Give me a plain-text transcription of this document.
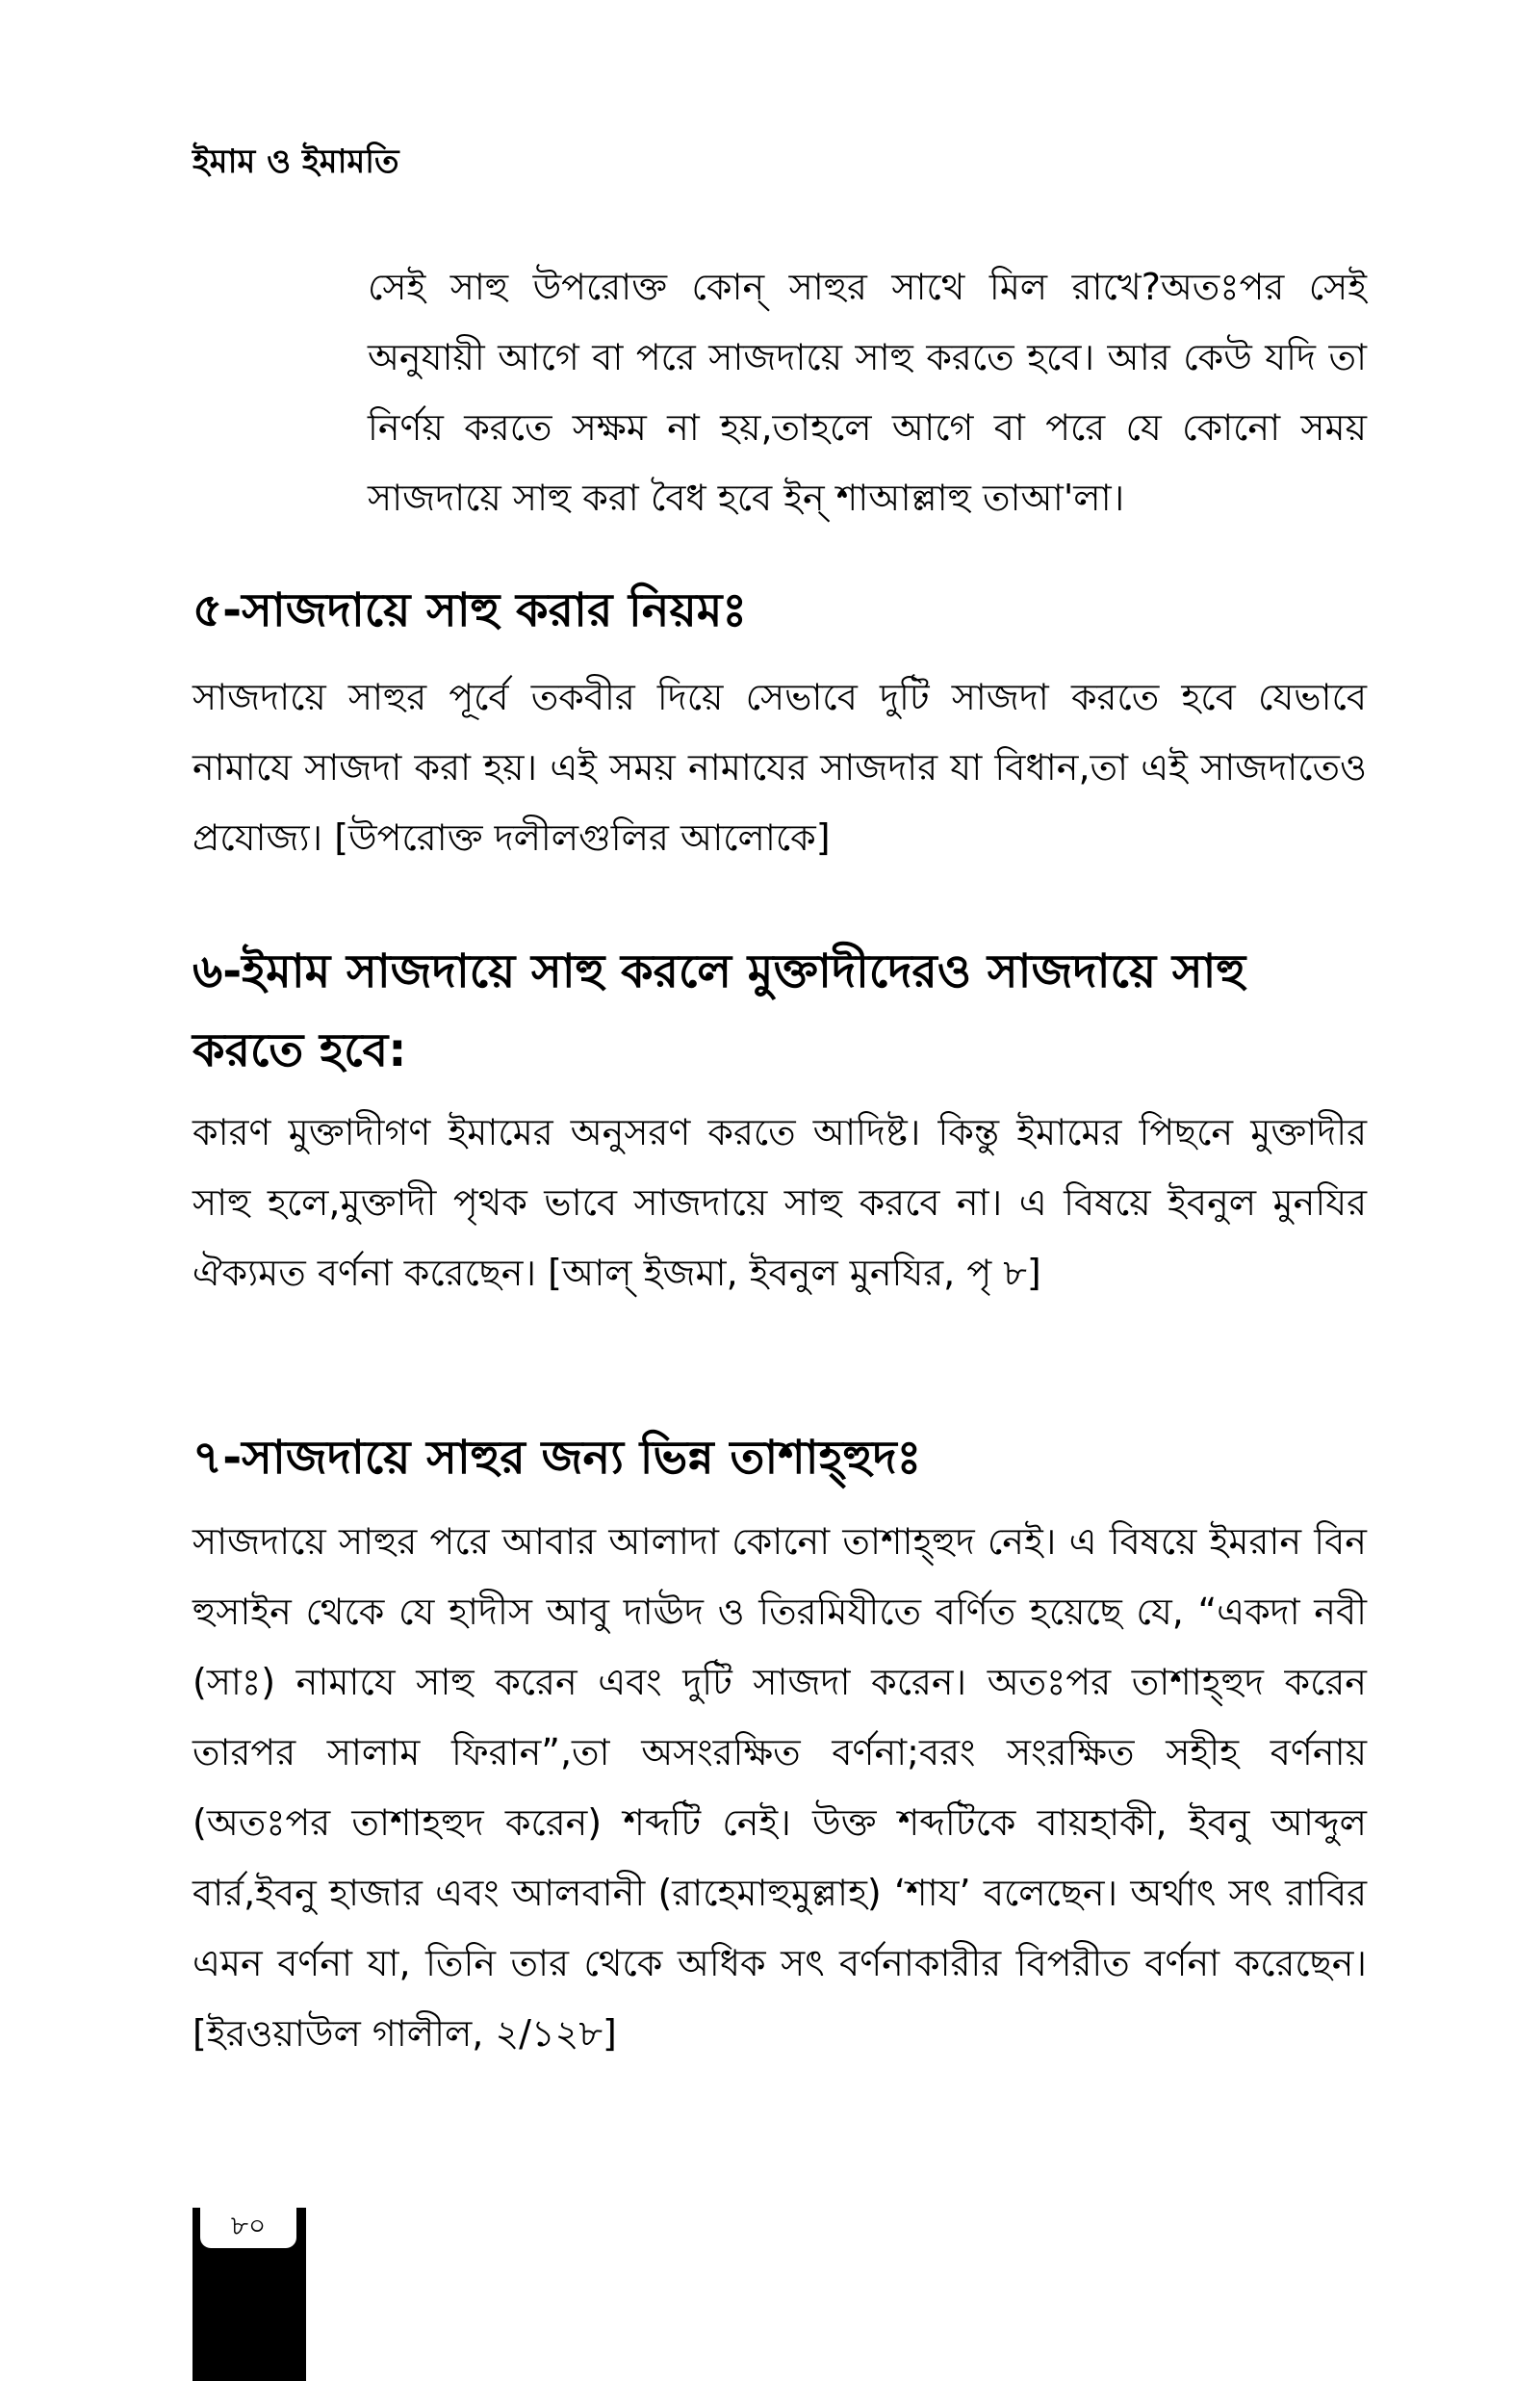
ইমাম ও ইমামতি

সেই সাহু উপরোক্ত কোন্ সাহুর সাথে মিল রাখে?অতঃপর সেই অনুযায়ী আগে বা পরে সাজদায়ে সাহু করতে হবে। আর কেউ যদি তা নির্ণয় করতে সক্ষম না হয়,তাহলে আগে বা পরে যে কোনো সময় সাজদায়ে সাহু করা বৈধ হবে ইন্ শাআল্লাহু তাআ'লা।

৫-সাজদায়ে সাহু করার নিয়মঃ

সাজদায়ে সাহুর পূর্বে তকবীর দিয়ে সেভাবে দুটি সাজদা করতে হবে যেভাবে নামাযে সাজদা করা হয়। এই সময় নামাযের সাজদার যা বিধান,তা এই সাজদাতেও প্রযোজ্য। [উপরোক্ত দলীলগুলির আলোকে]

৬-ইমাম সাজদায়ে সাহু করলে মুক্তাদীদেরও সাজদায়ে সাহু করতে হবে:

কারণ মুক্তাদীগণ ইমামের অনুসরণ করতে আদিষ্ট। কিন্তু ইমামের পিছনে মুক্তাদীর সাহু হলে,মুক্তাদী পৃথক ভাবে সাজদায়ে সাহু করবে না। এ বিষয়ে ইবনুল মুনযির ঐক্যমত বর্ণনা করেছেন। [আল্ ইজমা, ইবনুল মুনযির, পৃ ৮]

৭-সাজদায়ে সাহুর জন্য ভিন্ন তাশাহ্হুদঃ

সাজদায়ে সাহুর পরে আবার আলাদা কোনো তাশাহ্হুদ নেই। এ বিষয়ে ইমরান বিন হুসাইন থেকে যে হাদীস আবু দাঊদ ও তিরমিযীতে বর্ণিত হয়েছে যে, “একদা নবী (সাঃ) নামাযে সাহু করেন এবং দুটি সাজদা করেন। অতঃপর তাশাহ্হুদ করেন তারপর সালাম ফিরান”,তা অসংরক্ষিত বর্ণনা;বরং সংরক্ষিত সহীহ বর্ণনায় (অতঃপর তাশাহহুদ করেন) শব্দটি নেই। উক্ত শব্দটিকে বায়হাকী, ইবনু আব্দুল বার্র,ইবনু হাজার এবং আলবানী (রাহেমাহুমুল্লাহ) ‘শায’ বলেছেন। অর্থাৎ সৎ রাবির এমন বর্ণনা যা, তিনি তার থেকে অধিক সৎ বর্ণনাকারীর বিপরীত বর্ণনা করেছেন। [ইরওয়াউল গালীল, ২/১২৮]

৮০
